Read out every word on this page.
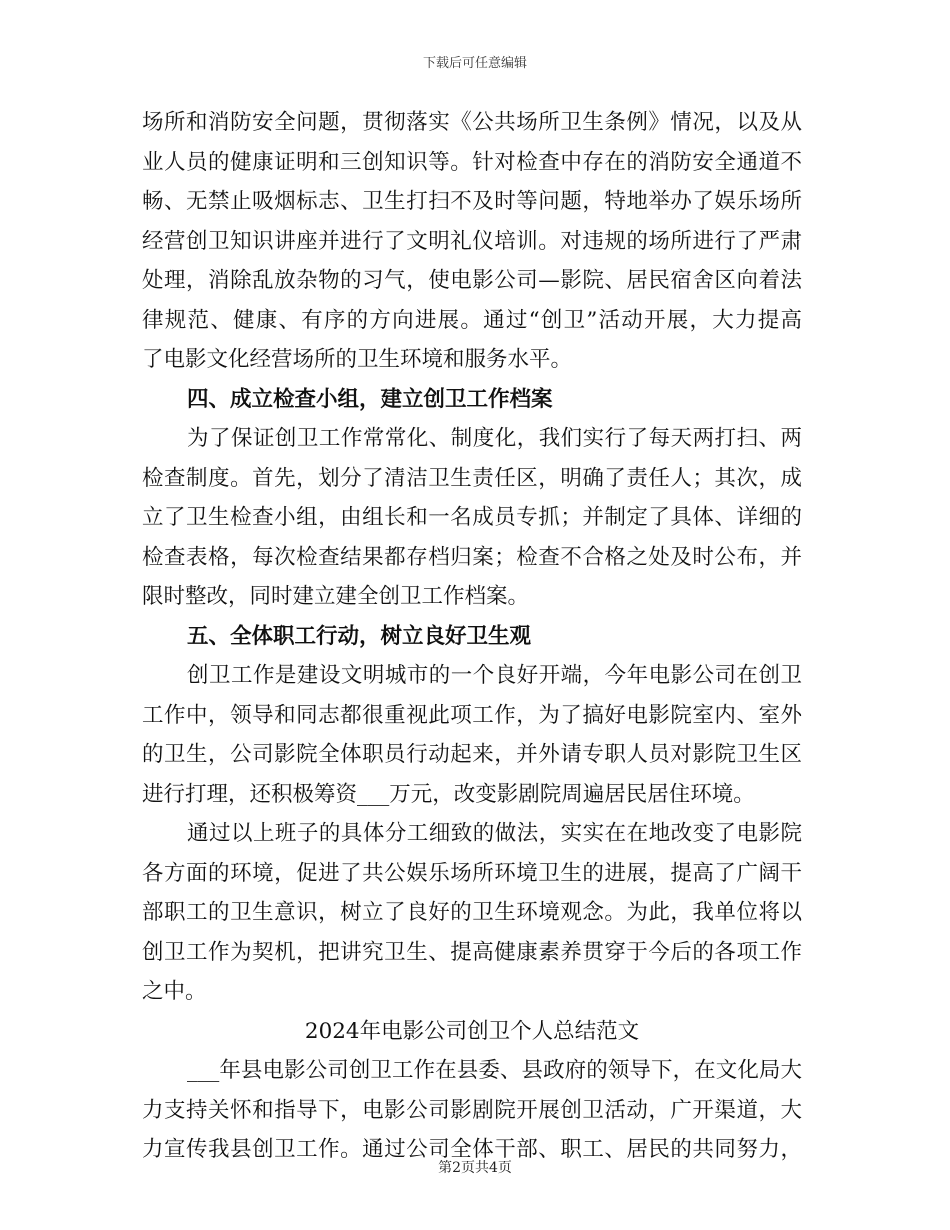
下载后可任意编辑
场所和消防安全问题，贯彻落实《公共场所卫生条例》情况，以及从
业人员的健康证明和三创知识等。针对检查中存在的消防安全通道不
畅、无禁止吸烟标志、卫生打扫不及时等问题，特地举办了娱乐场所
经营创卫知识讲座并进行了文明礼仪培训。对违规的场所进行了严肃
处理，消除乱放杂物的习气，使电影公司—影院、居民宿舍区向着法
律规范、健康、有序的方向进展。通过“创卫”活动开展，大力提高
了电影文化经营场所的卫生环境和服务水平。
四、成立检查小组，建立创卫工作档案
为了保证创卫工作常常化、制度化，我们实行了每天两打扫、两
检查制度。首先，划分了清洁卫生责任区，明确了责任人；其次，成
立了卫生检查小组，由组长和一名成员专抓；并制定了具体、详细的
检查表格，每次检查结果都存档归案；检查不合格之处及时公布，并
限时整改，同时建立建全创卫工作档案。
五、全体职工行动，树立良好卫生观
创卫工作是建设文明城市的一个良好开端，今年电影公司在创卫
工作中，领导和同志都很重视此项工作，为了搞好电影院室内、室外
的卫生，公司影院全体职员行动起来，并外请专职人员对影院卫生区
进行打理，还积极筹资___万元，改变影剧院周遍居民居住环境。
通过以上班子的具体分工细致的做法，实实在在地改变了电影院
各方面的环境，促进了共公娱乐场所环境卫生的进展，提高了广阔干
部职工的卫生意识，树立了良好的卫生环境观念。为此，我单位将以
创卫工作为契机，把讲究卫生、提高健康素养贯穿于今后的各项工作
之中。
2024年电影公司创卫个人总结范文
___年县电影公司创卫工作在县委、县政府的领导下，在文化局大
力支持关怀和指导下，电影公司影剧院开展创卫活动，广开渠道，大
力宣传我县创卫工作。通过公司全体干部、职工、居民的共同努力，
第2页共4页
